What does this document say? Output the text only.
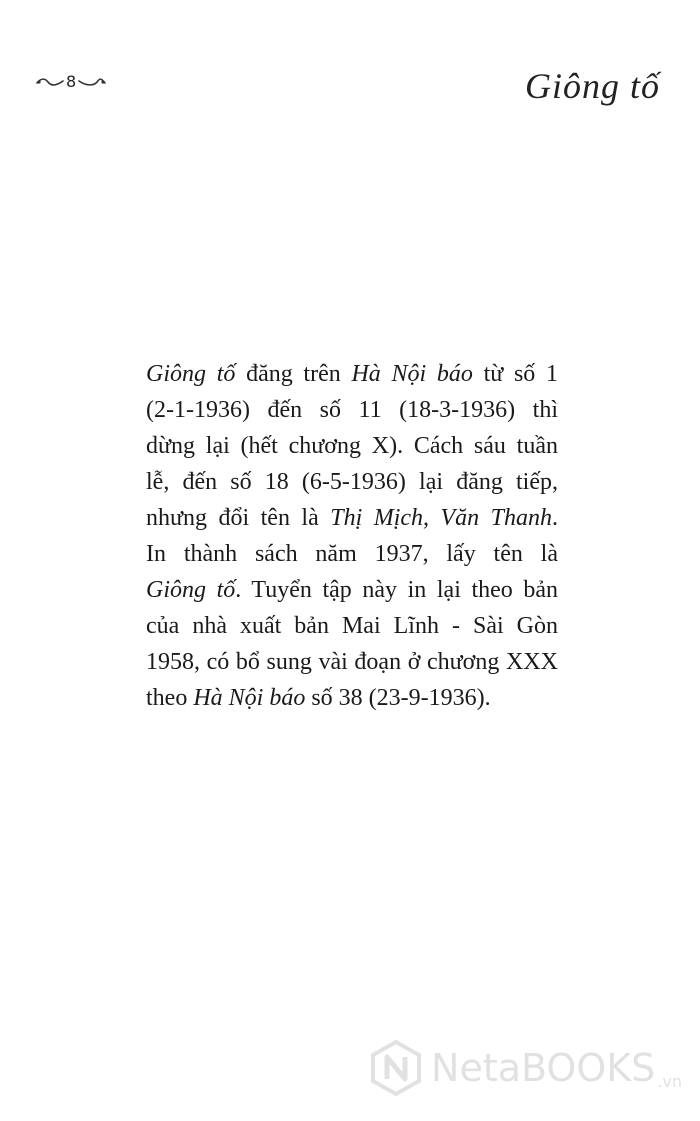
8	Giông tố
Giông tố đăng trên Hà Nội báo từ số 1
(2-1-1936) đến số 11 (18-3-1936) thì
dừng lại (hết chương X). Cách sáu tuần
lễ, đến số 18 (6-5-1936) lại đăng tiếp,
nhưng đổi tên là Thị Mịch, Văn Thanh.
In thành sách năm 1937, lấy tên là
Giông tố. Tuyển tập này in lại theo bản
của nhà xuất bản Mai Lĩnh - Sài Gòn
1958, có bổ sung vài đoạn ở chương XXX
theo Hà Nội báo số 38 (23-9-1936).
NetaBOOKS .vn
